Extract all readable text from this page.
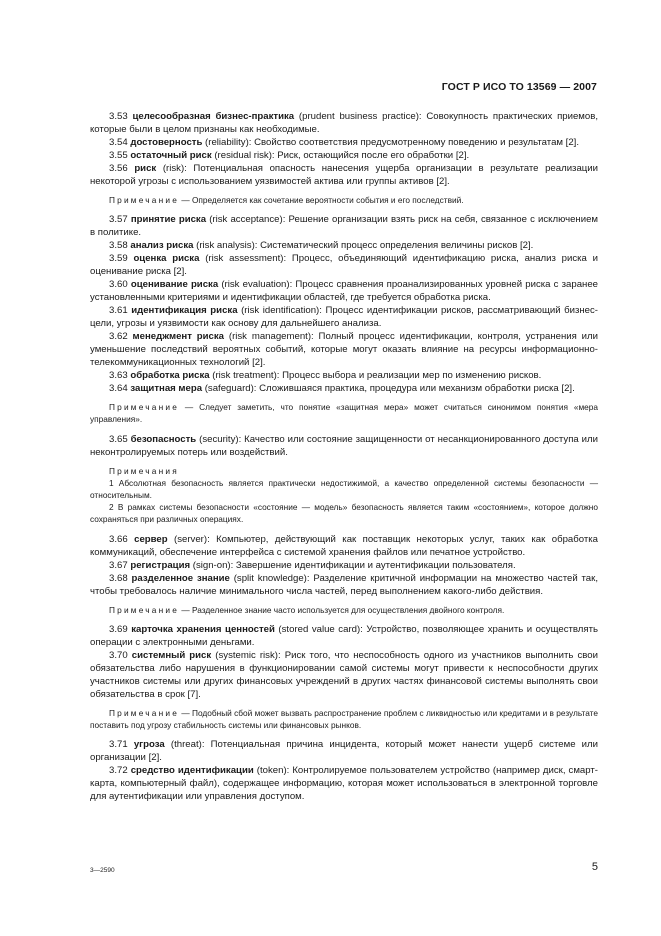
ГОСТ Р ИСО ТО 13569 — 2007

3.53 целесообразная бизнес-практика (prudent business practice): Совокупность практических приемов, которые были в целом признаны как необходимые.

3.54 достоверность (reliability): Свойство соответствия предусмотренному поведению и результатам [2].

3.55 остаточный риск (residual risk): Риск, остающийся после его обработки [2].

3.56 риск (risk): Потенциальная опасность нанесения ущерба организации в результате реализации некоторой угрозы с использованием уязвимостей актива или группы активов [2].

Примечание — Определяется как сочетание вероятности события и его последствий.

3.57 принятие риска (risk acceptance): Решение организации взять риск на себя, связанное с исключением в политике.

3.58 анализ риска (risk analysis): Систематический процесс определения величины рисков [2].

3.59 оценка риска (risk assessment): Процесс, объединяющий идентификацию риска, анализ риска и оценивание риска [2].

3.60 оценивание риска (risk evaluation): Процесс сравнения проанализированных уровней риска с заранее установленными критериями и идентификации областей, где требуется обработка риска.

3.61 идентификация риска (risk identification): Процесс идентификации рисков, рассматривающий бизнес-цели, угрозы и уязвимости как основу для дальнейшего анализа.

3.62 менеджмент риска (risk management): Полный процесс идентификации, контроля, устранения или уменьшение последствий вероятных событий, которые могут оказать влияние на ресурсы информационно-телекоммуникационных технологий [2].

3.63 обработка риска (risk treatment): Процесс выбора и реализации мер по изменению рисков.

3.64 защитная мера (safeguard): Сложившаяся практика, процедура или механизм обработки риска [2].

Примечание — Следует заметить, что понятие «защитная мера» может считаться синонимом понятия «мера управления».

3.65 безопасность (security): Качество или состояние защищенности от несанкционированного доступа или неконтролируемых потерь или воздействий.

Примечания

1 Абсолютная безопасность является практически недостижимой, а качество определенной системы безопасности — относительным.

2 В рамках системы безопасности «состояние — модель» безопасность является таким «состоянием», которое должно сохраняться при различных операциях.

3.66 сервер (server): Компьютер, действующий как поставщик некоторых услуг, таких как обработка коммуникаций, обеспечение интерфейса с системой хранения файлов или печатное устройство.

3.67 регистрация (sign-on): Завершение идентификации и аутентификации пользователя.

3.68 разделенное знание (split knowledge): Разделение критичной информации на множество частей так, чтобы требовалось наличие минимального числа частей, перед выполнением какого-либо действия.

Примечание — Разделенное знание часто используется для осуществления двойного контроля.

3.69 карточка хранения ценностей (stored value card): Устройство, позволяющее хранить и осуществлять операции с электронными деньгами.

3.70 системный риск (systemic risk): Риск того, что неспособность одного из участников выполнить свои обязательства либо нарушения в функционировании самой системы могут привести к неспособности других участников системы или других финансовых учреждений в других частях финансовой системы выполнять свои обязательства в срок [7].

Примечание — Подобный сбой может вызвать распространение проблем с ликвидностью или кредитами и в результате поставить под угрозу стабильность системы или финансовых рынков.

3.71 угроза (threat): Потенциальная причина инцидента, который может нанести ущерб системе или организации [2].

3.72 средство идентификации (token): Контролируемое пользователем устройство (например диск, смарт-карта, компьютерный файл), содержащее информацию, которая может использоваться в электронной торговле для аутентификации или управления доступом.

3—2590	5
